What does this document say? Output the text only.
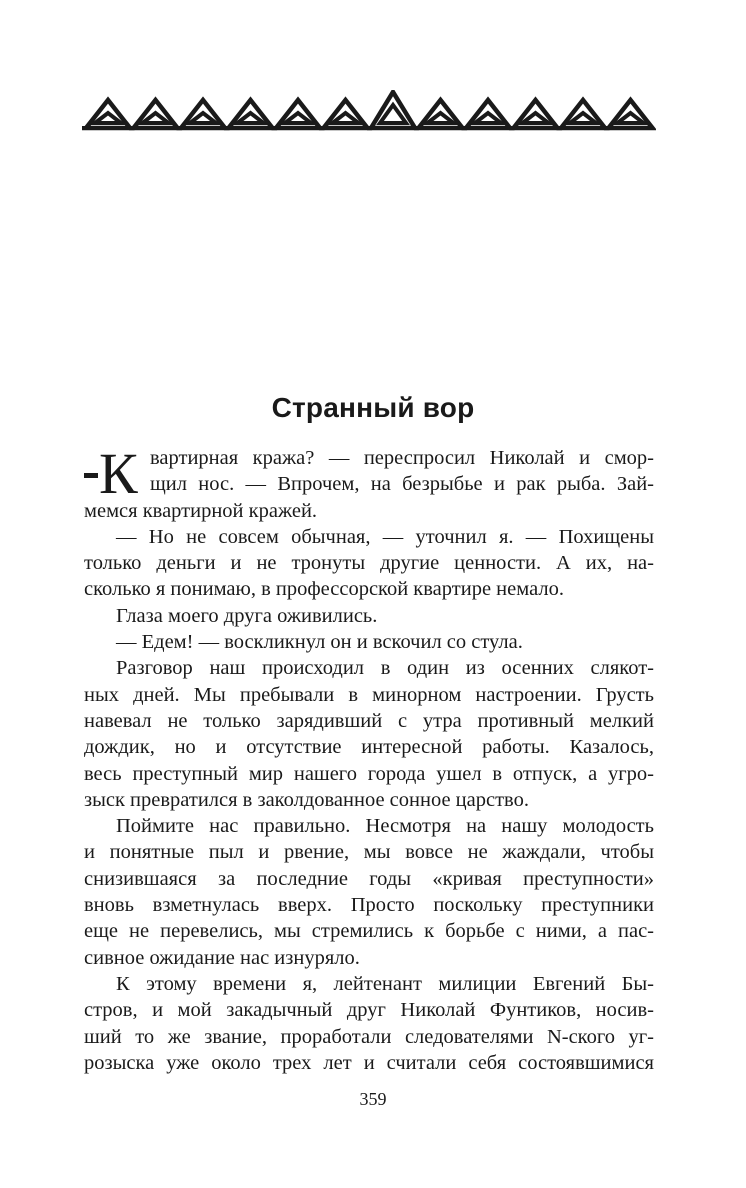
Странный вор
К вартирная кража? — переспросил Николай и смор-
щил нос. — Впрочем, на безрыбье и рак рыба. Зай-
мемся квартирной кражей.
— Но не совсем обычная, — уточнил я. — Похищены
только деньги и не тронуты другие ценности. А их, на-
сколько я понимаю, в профессорской квартире немало.
Глаза моего друга оживились.
— Едем! — воскликнул он и вскочил со стула.
Разговор наш происходил в один из осенних слякот-
ных дней. Мы пребывали в минорном настроении. Грусть
навевал не только зарядивший с утра противный мелкий
дождик, но и отсутствие интересной работы. Казалось,
весь преступный мир нашего города ушел в отпуск, а угро-
зыск превратился в заколдованное сонное царство.
Поймите нас правильно. Несмотря на нашу молодость
и понятные пыл и рвение, мы вовсе не жаждали, чтобы
снизившаяся за последние годы «кривая преступности»
вновь взметнулась вверх. Просто поскольку преступники
еще не перевелись, мы стремились к борьбе с ними, а пас-
сивное ожидание нас изнуряло.
К этому времени я, лейтенант милиции Евгений Бы-
стров, и мой закадычный друг Николай Фунтиков, носив-
ший то же звание, проработали следователями N-ского уг-
розыска уже около трех лет и считали себя состоявшимися
359
